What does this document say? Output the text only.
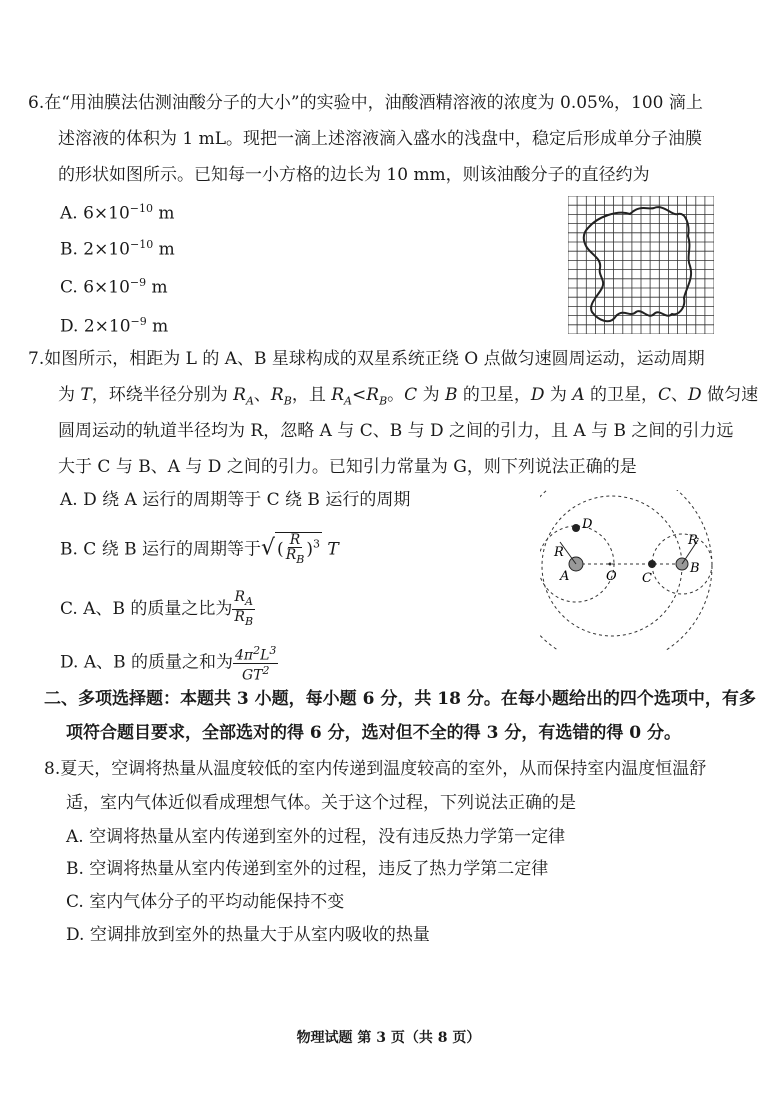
6.在“用油膜法估测油酸分子的大小”的实验中，油酸酒精溶液的浓度为 0.05%，100 滴上
述溶液的体积为 1 mL。现把一滴上述溶液滴入盛水的浅盘中，稳定后形成单分子油膜
的形状如图所示。已知每一小方格的边长为 10 mm，则该油酸分子的直径约为
A. $6\times 10^{-10}$ m
B. $2\times 10^{-10}$ m
C. $6\times 10^{-9}$ m
D. $2\times 10^{-9}$ m
7.如图所示，相距为 L 的 A、B 星球构成的双星系统正绕 O 点做匀速圆周运动，运动周期
为 T，环绕半径分别为 $R_A$、$R_B$，且 $R_A<R_B$。C 为 B 的卫星，D 为 A 的卫星，C、D 做匀速
圆周运动的轨道半径均为 R，忽略 A 与 C、B 与 D 之间的引力，且 A 与 B 之间的引力远
大于 C 与 B、A 与 D 之间的引力。已知引力常量为 G，则下列说法正确的是
A. D 绕 A 运行的周期等于 C 绕 B 运行的周期
B. C 绕 B 运行的周期等于√ ( $\frac{R}{R_B} )^3$ T
C. A、B 的质量之比为 $\frac{R_A}{R_B}$
D. A、B 的质量之和为 $\frac{4\pi^2L^3}{GT^2}$
D
R
A	O C
R
B
二、多项选择题：本题共 3 小题，每小题 6 分，共 18 分。在每小题给出的四个选项中，有多
项符合题目要求，全部选对的得 6 分，选对但不全的得 3 分，有选错的得 0 分。
8.夏天，空调将热量从温度较低的室内传递到温度较高的室外，从而保持室内温度恒温舒
适，室内气体近似看成理想气体。关于这个过程，下列说法正确的是
A. 空调将热量从室内传递到室外的过程，没有违反热力学第一定律
B. 空调将热量从室内传递到室外的过程，违反了热力学第二定律
C. 室内气体分子的平均动能保持不变
D. 空调排放到室外的热量大于从室内吸收的热量
物理试题 第 3 页（共 8 页）
